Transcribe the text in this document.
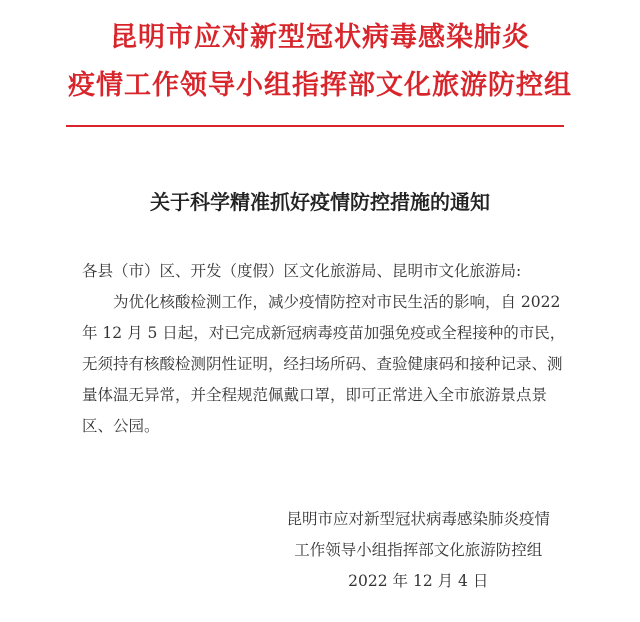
昆明市应对新型冠状病毒感染肺炎
疫情工作领导小组指挥部文化旅游防控组
关于科学精准抓好疫情防控措施的通知

各县（市）区、开发（度假）区文化旅游局、昆明市文化旅游局:

为优化核酸检测工作，减少疫情防控对市民生活的影响，自 2022 年 12 月 5 日起，对已完成新冠病毒疫苗加强免疫或全程接种的市民，无须持有核酸检测阴性证明，经扫场所码、查验健康码和接种记录、测量体温无异常，并全程规范佩戴口罩，即可正常进入全市旅游景点景区、公园。

昆明市应对新型冠状病毒感染肺炎疫情
工作领导小组指挥部文化旅游防控组
2022 年 12 月 4 日
